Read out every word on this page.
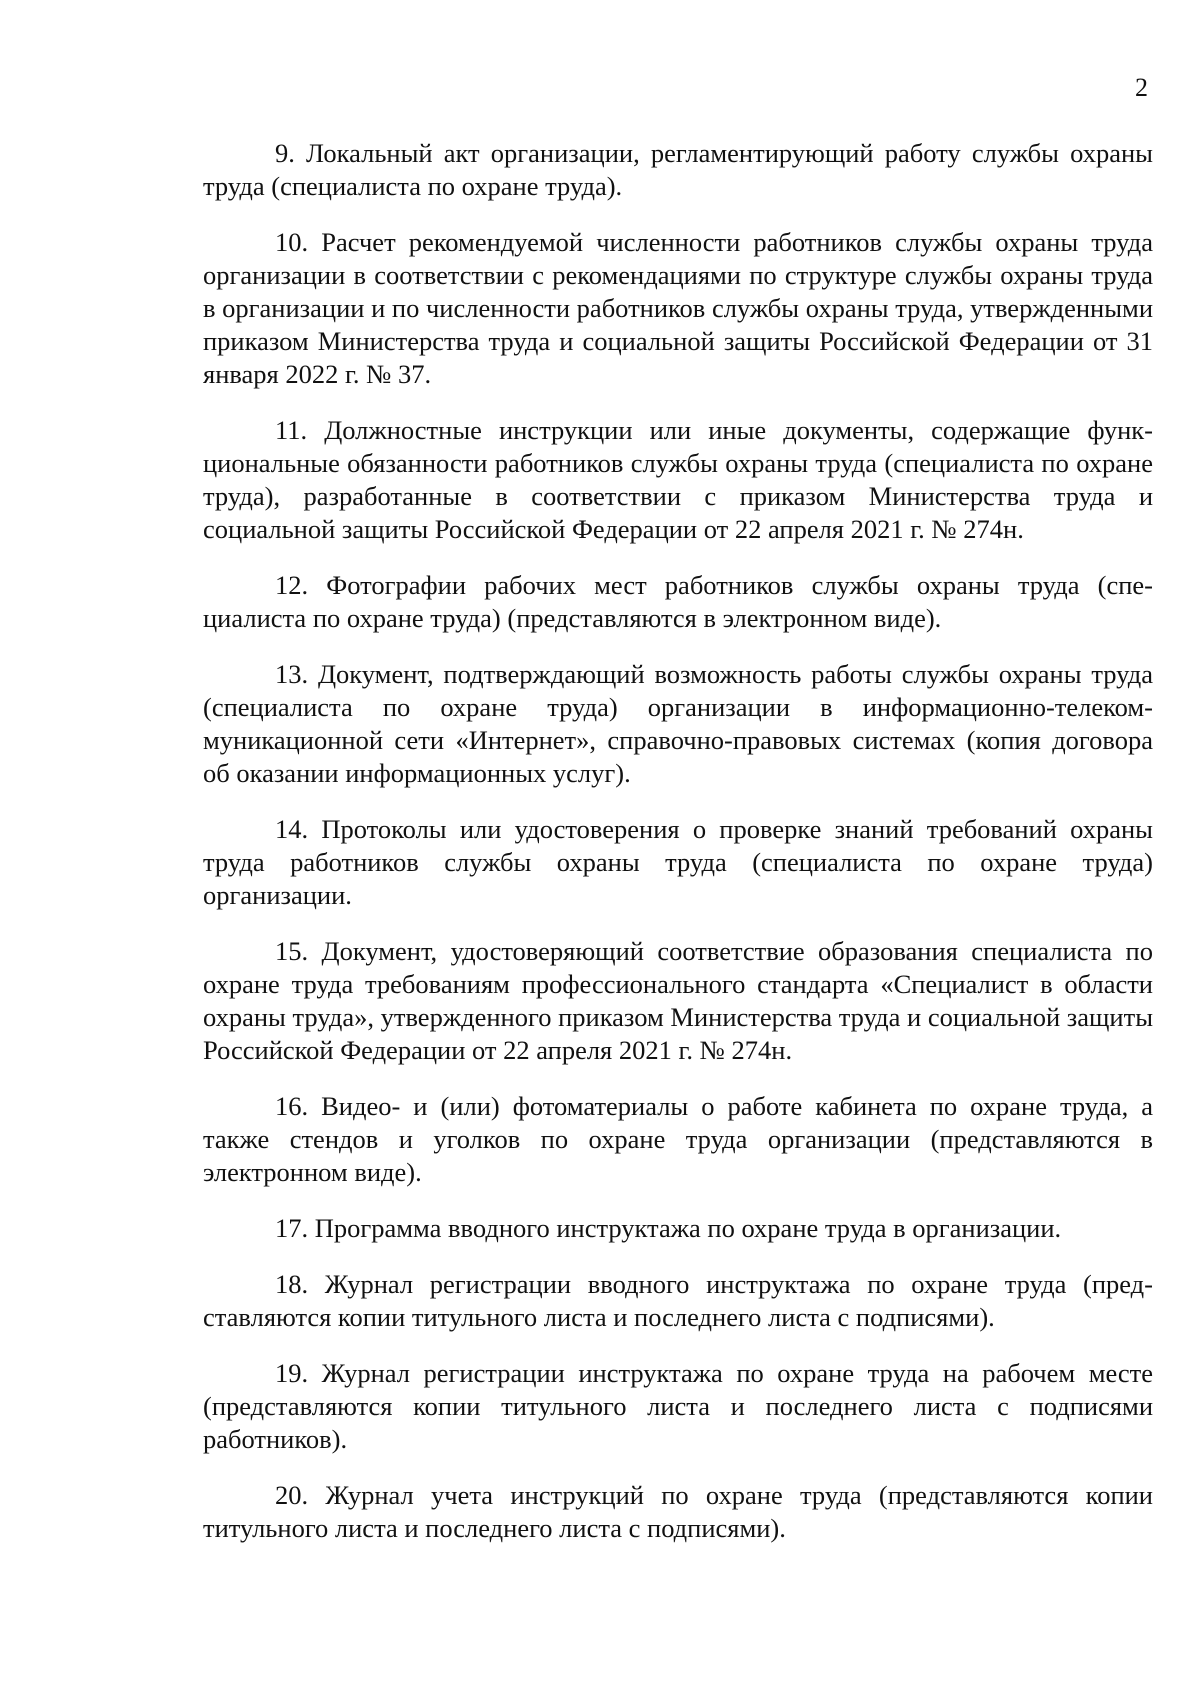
2

9. Локальный акт организации, регламентирующий работу службы охраны труда (специалиста по охране труда).

10. Расчет рекомендуемой численности работников службы охраны труда организации в соответствии с рекомендациями по структуре службы охраны труда в организации и по численности работников службы охраны труда, утвержденными приказом Министерства труда и социальной защиты Российской Федерации от 31 января 2022 г. № 37.

11. Должностные инструкции или иные документы, содержащие функциональные обязанности работников службы охраны труда (специалиста по охране труда), разработанные в соответствии с приказом Министерства труда и социальной защиты Российской Федерации от 22 апреля 2021 г. № 274н.

12. Фотографии рабочих мест работников службы охраны труда (специалиста по охране труда) (представляются в электронном виде).

13. Документ, подтверждающий возможность работы службы охраны труда (специалиста по охране труда) организации в информационно-телекоммуникационной сети «Интернет», справочно-правовых системах (копия договора об оказании информационных услуг).

14. Протоколы или удостоверения о проверке знаний требований охраны труда работников службы охраны труда (специалиста по охране труда) организации.

15. Документ, удостоверяющий соответствие образования специалиста по охране труда требованиям профессионального стандарта «Специалист в области охраны труда», утвержденного приказом Министерства труда и социальной защиты Российской Федерации от 22 апреля 2021 г. № 274н.

16. Видео- и (или) фотоматериалы о работе кабинета по охране труда, а также стендов и уголков по охране труда организации (представляются в электронном виде).

17. Программа вводного инструктажа по охране труда в организации.

18. Журнал регистрации вводного инструктажа по охране труда (представляются копии титульного листа и последнего листа с подписями).

19. Журнал регистрации инструктажа по охране труда на рабочем месте (представляются копии титульного листа и последнего листа с подписями работников).

20. Журнал учета инструкций по охране труда (представляются копии титульного листа и последнего листа с подписями).
